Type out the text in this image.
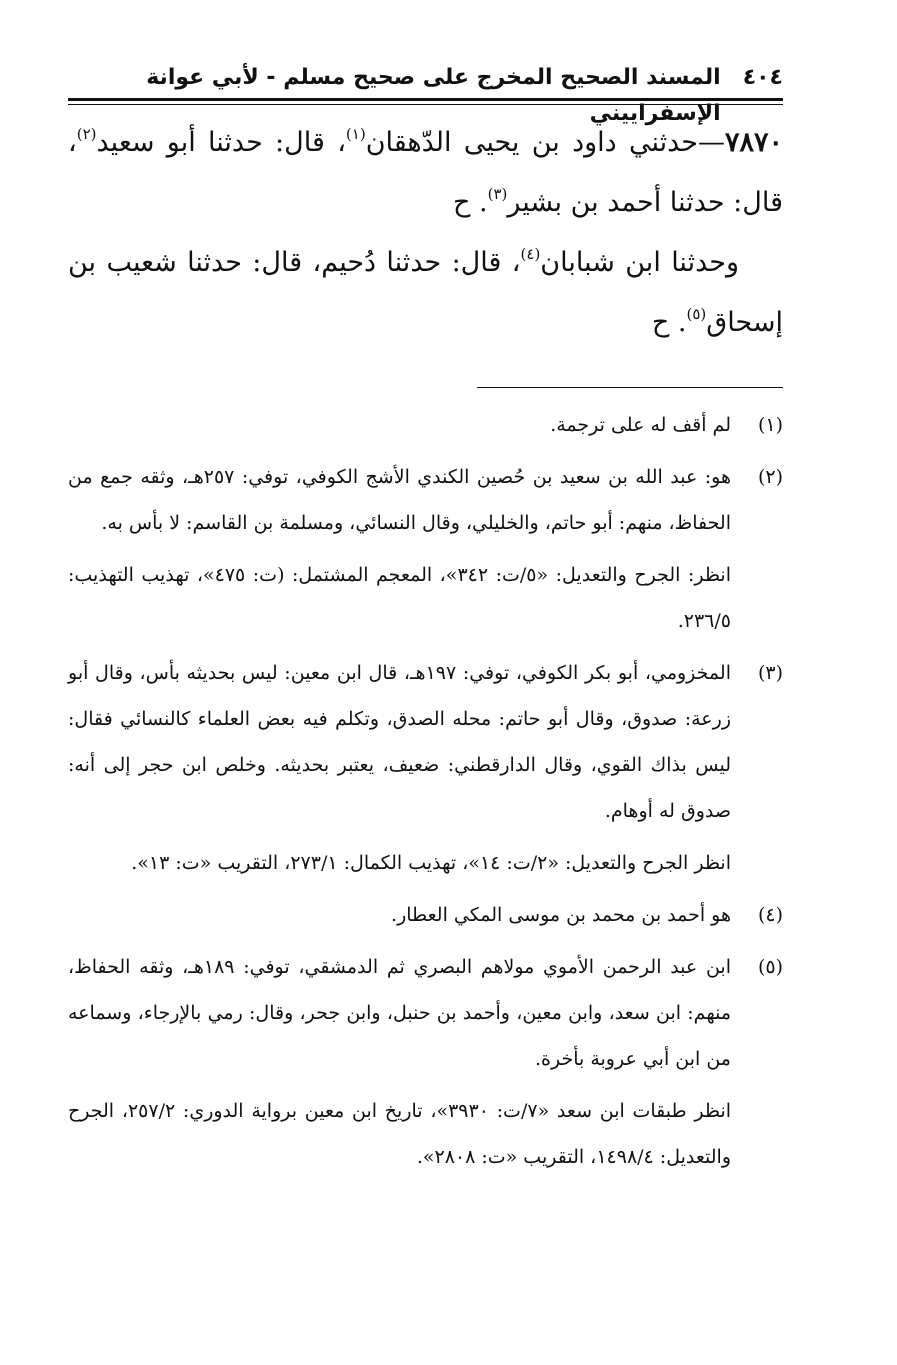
٤٠٤
المسند الصحيح المخرج على صحيح مسلم - لأبي عوانة الإسفراييني

٧٨٧٠—حدثني داود بن يحيى الدّهقان$^{(١)}$، قال: حدثنا أبو سعيد$^{(٢)}$، قال: حدثنا أحمد بن بشير$^{(٣)}$. ح

وحدثنا ابن شبابان$^{(٤)}$، قال: حدثنا دُحيم، قال: حدثنا شعيب بن إسحاق$^{(٥)}$. ح

(١)

لم أقف له على ترجمة.

(٢)

هو: عبد الله بن سعيد بن حُصين الكندي الأشج الكوفي، توفي: ٢٥٧هـ، وثقه جمع من الحفاظ، منهم: أبو حاتم، والخليلي، وقال النسائي، ومسلمة بن القاسم: لا بأس به.

انظر: الجرح والتعديل: «٥/ت: ٣٤٢»، المعجم المشتمل: (ت: ٤٧٥»، تهذيب التهذيب: ٢٣٦/٥.

(٣)

المخزومي، أبو بكر الكوفي، توفي: ١٩٧هـ، قال ابن معين: ليس بحديثه بأس، وقال أبو زرعة: صدوق، وقال أبو حاتم: محله الصدق، وتكلم فيه بعض العلماء كالنسائي فقال: ليس بذاك القوي، وقال الدارقطني: ضعيف، يعتبر بحديثه. وخلص ابن حجر إلى أنه: صدوق له أوهام.

انظر الجرح والتعديل: «٢/ت: ١٤»، تهذيب الكمال: ٢٧٣/١، التقريب «ت: ١٣».

(٤)

هو أحمد بن محمد بن موسى المكي العطار.

(٥)

ابن عبد الرحمن الأموي مولاهم البصري ثم الدمشقي، توفي: ١٨٩هـ، وثقه الحفاظ، منهم: ابن سعد، وابن معين، وأحمد بن حنبل، وابن جحر، وقال: رمي بالإرجاء، وسماعه من ابن أبي عروبة بأخرة.

انظر طبقات ابن سعد «٧/ت: ٣٩٣٠»، تاريخ ابن معين برواية الدوري: ٢٥٧/٢، الجرح والتعديل: ١٤٩٨/٤، التقريب «ت: ٢٨٠٨».
